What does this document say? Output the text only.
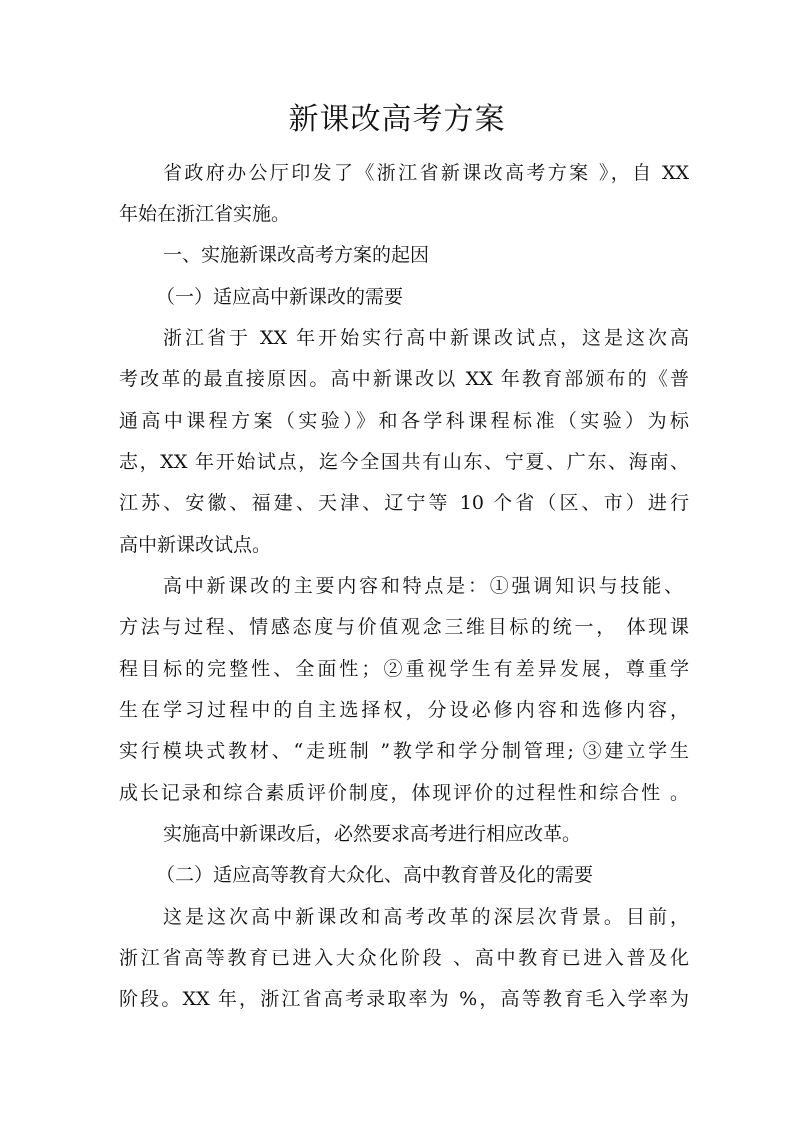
新课改高考方案

省政府办公厅印发了《浙江省新课改高考方案 》，自 XX

年始在浙江省实施。

一、实施新课改高考方案的起因

（一）适应高中新课改的需要

浙江省于 XX 年开始实行高中新课改试点，这是这次高

考改革的最直接原因。高中新课改以 XX 年教育部颁布的《普

通高中课程方案（实验）》和各学科课程标准（实验）为标

志，XX 年开始试点，迄今全国共有山东、宁夏、广东、海南、

江苏、安徽、福建、天津、辽宁等 10 个省（区、市）进行

高中新课改试点。

高中新课改的主要内容和特点是：①强调知识与技能、

方法与过程、情感态度与价值观念三维目标的统一， 体现课

程目标的完整性、全面性；②重视学生有差异发展，尊重学

生在学习过程中的自主选择权，分设必修内容和选修内容，

实行模块式教材、“走班制 ”教学和学分制管理; ③建立学生

成长记录和综合素质评价制度，体现评价的过程性和综合性 。

实施高中新课改后，必然要求高考进行相应改革。

（二）适应高等教育大众化、高中教育普及化的需要

这是这次高中新课改和高考改革的深层次背景。目前，

浙江省高等教育已进入大众化阶段 、高中教育已进入普及化

阶段。XX 年，浙江省高考录取率为 %，高等教育毛入学率为
